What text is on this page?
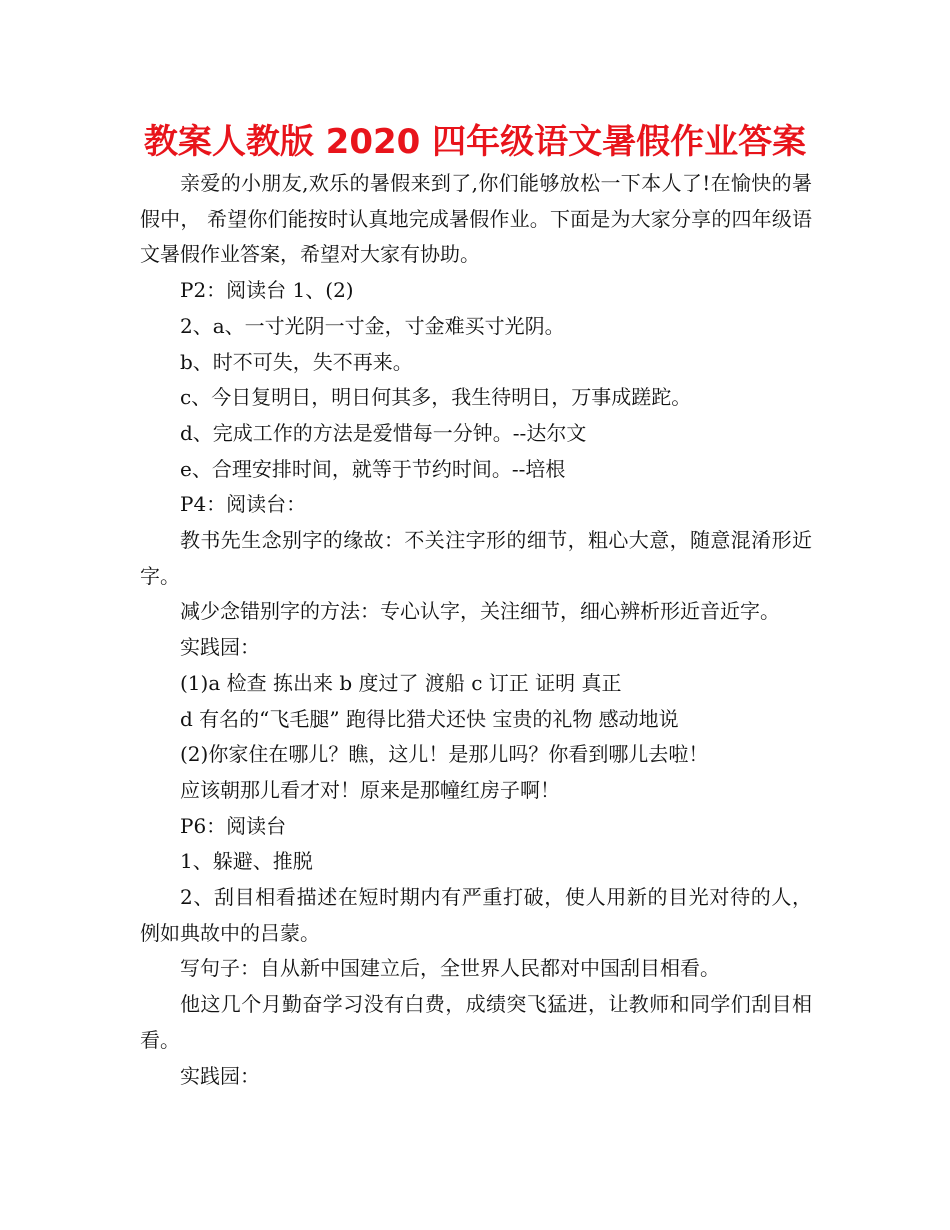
教案人教版 2020 四年级语文暑假作业答案

亲爱的小朋友,欢乐的暑假来到了,你们能够放松一下本人了!在愉快的暑 假中， 希望你们能按时认真地完成暑假作业。下面是为大家分享的四年级语文暑假作业答案，希望对大家有协助。

P2：阅读台 1、(2)

2、a、一寸光阴一寸金，寸金难买寸光阴。

b、时不可失，失不再来。

c、今日复明日，明日何其多，我生待明日，万事成蹉跎。

d、完成工作的方法是爱惜每一分钟。--达尔文

e、合理安排时间，就等于节约时间。--培根

P4：阅读台：

教书先生念别字的缘故：不关注字形的细节，粗心大意，随意混淆形近字。

减少念错别字的方法：专心认字，关注细节，细心辨析形近音近字。

实践园：

(1)a 检查 拣出来 b 度过了 渡船 c 订正 证明 真正

d 有名的“飞毛腿” 跑得比猎犬还快 宝贵的礼物 感动地说

(2)你家住在哪儿？瞧，这儿！是那儿吗？你看到哪儿去啦！

应该朝那儿看才对！原来是那幢红房子啊！

P6：阅读台

1、躲避、推脱

2、刮目相看描述在短时期内有严重打破，使人用新的目光对待的人，例如典故中的吕蒙。

写句子：自从新中国建立后，全世界人民都对中国刮目相看。

他这几个月勤奋学习没有白费，成绩突飞猛进，让教师和同学们刮目相看。

实践园：
